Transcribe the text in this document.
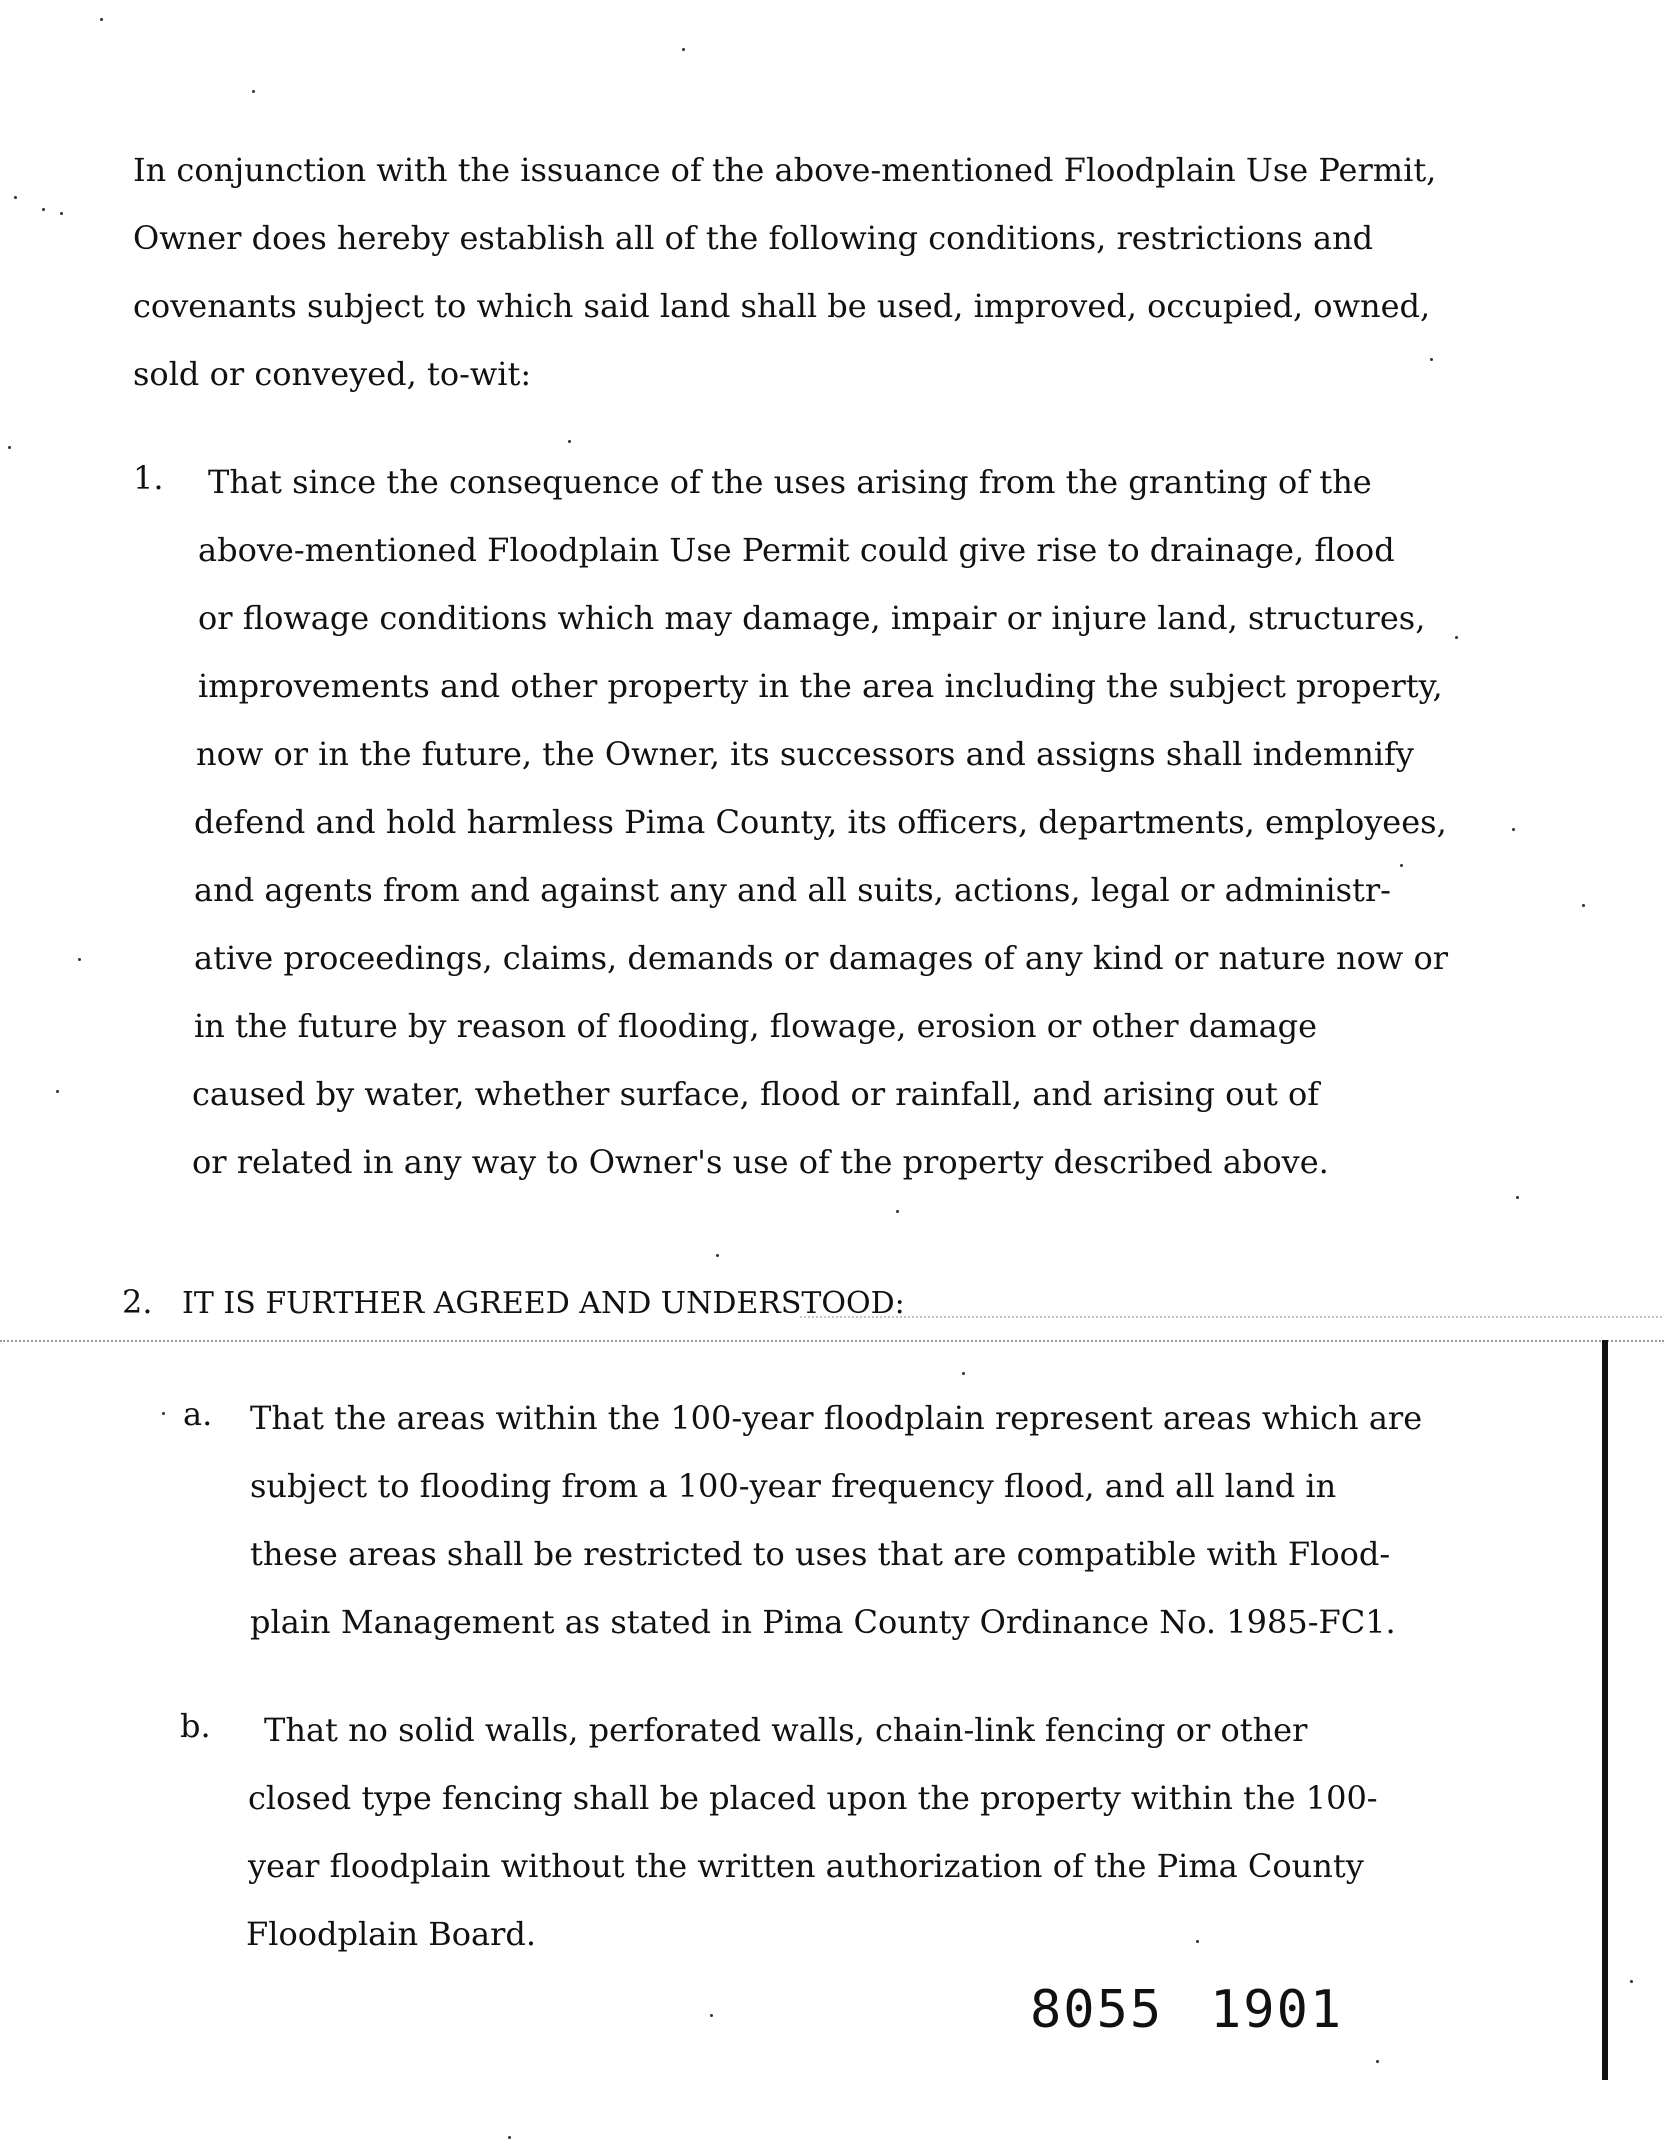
In conjunction with the issuance of the above-mentioned Floodplain Use Permit,
Owner does hereby establish all of the following conditions, restrictions and
covenants subject to which said land shall be used, improved, occupied, owned,
sold or conveyed, to-wit:
1. That since the consequence of the uses arising from the granting of the
above-mentioned Floodplain Use Permit could give rise to drainage, flood
or flowage conditions which may damage, impair or injure land, structures,
improvements and other property in the area including the subject property,
now or in the future, the Owner, its successors and assigns shall indemnify
defend and hold harmless Pima County, its officers, departments, employees,
and agents from and against any and all suits, actions, legal or administr-
ative proceedings, claims, demands or damages of any kind or nature now or
in the future by reason of flooding, flowage, erosion or other damage
caused by water, whether surface, flood or rainfall, and arising out of
or related in any way to Owner's use of the property described above.
2. IT IS FURTHER AGREED AND UNDERSTOOD:
a. That the areas within the 100-year floodplain represent areas which are
subject to flooding from a 100-year frequency flood, and all land in
these areas shall be restricted to uses that are compatible with Flood-
plain Management as stated in Pima County Ordinance No. 1985-FC1.
b. That no solid walls, perforated walls, chain-link fencing or other
closed type fencing shall be placed upon the property within the 100-
year floodplain without the written authorization of the Pima County
Floodplain Board.
8055 1901
